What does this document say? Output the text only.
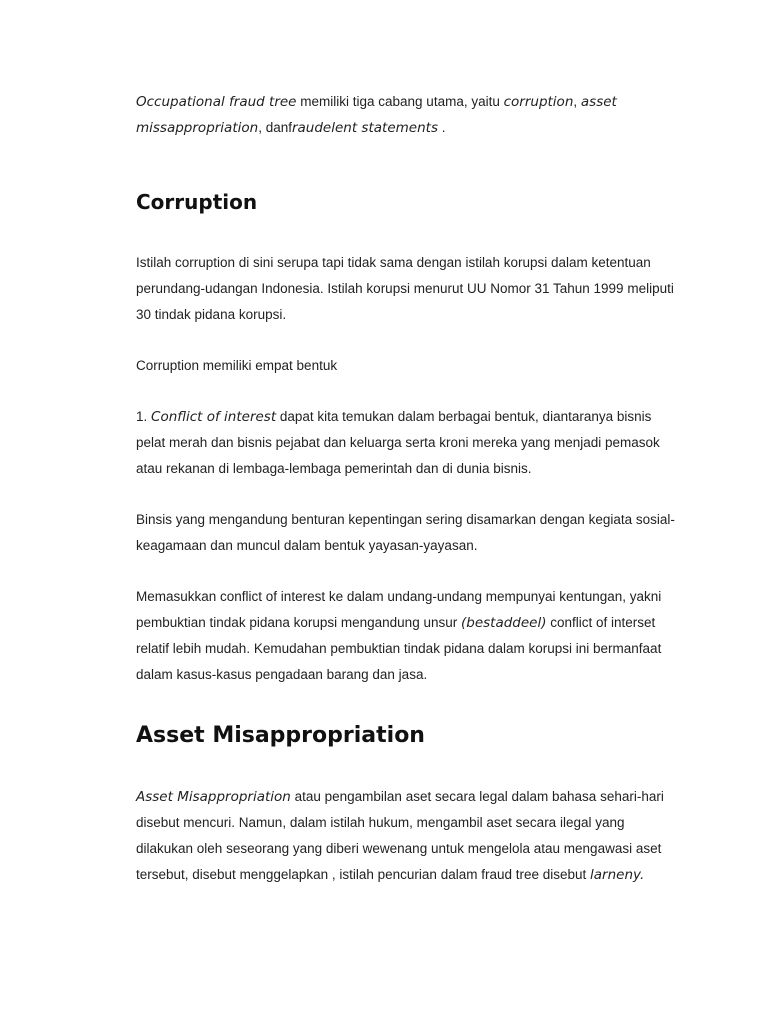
Occupational fraud tree memiliki tiga cabang utama, yaitu corruption, asset missappropriation, danfraudelent statements .

Corruption

Istilah corruption di sini serupa tapi tidak sama dengan istilah korupsi dalam ketentuan perundang-udangan Indonesia. Istilah korupsi menurut UU Nomor 31 Tahun 1999 meliputi 30 tindak pidana korupsi.

Corruption memiliki empat bentuk

1. Conflict of interest dapat kita temukan dalam berbagai bentuk, diantaranya bisnis pelat merah dan bisnis pejabat dan keluarga serta kroni mereka yang menjadi pemasok atau rekanan di lembaga-lembaga pemerintah dan di dunia bisnis.

Binsis yang mengandung benturan kepentingan sering disamarkan dengan kegiata sosial-keagamaan dan muncul dalam bentuk yayasan-yayasan.

Memasukkan conflict of interest ke dalam undang-undang mempunyai kentungan, yakni pembuktian tindak pidana korupsi mengandung unsur (bestaddeel) conflict of interset relatif lebih mudah. Kemudahan pembuktian tindak pidana dalam korupsi ini bermanfaat dalam kasus-kasus pengadaan barang dan jasa.

Asset Misappropriation

Asset Misappropriation atau pengambilan aset secara legal dalam bahasa sehari-hari disebut mencuri. Namun, dalam istilah hukum, mengambil aset secara ilegal yang dilakukan oleh seseorang yang diberi wewenang untuk mengelola atau mengawasi aset tersebut, disebut menggelapkan , istilah pencurian dalam fraud tree disebut larneny.
